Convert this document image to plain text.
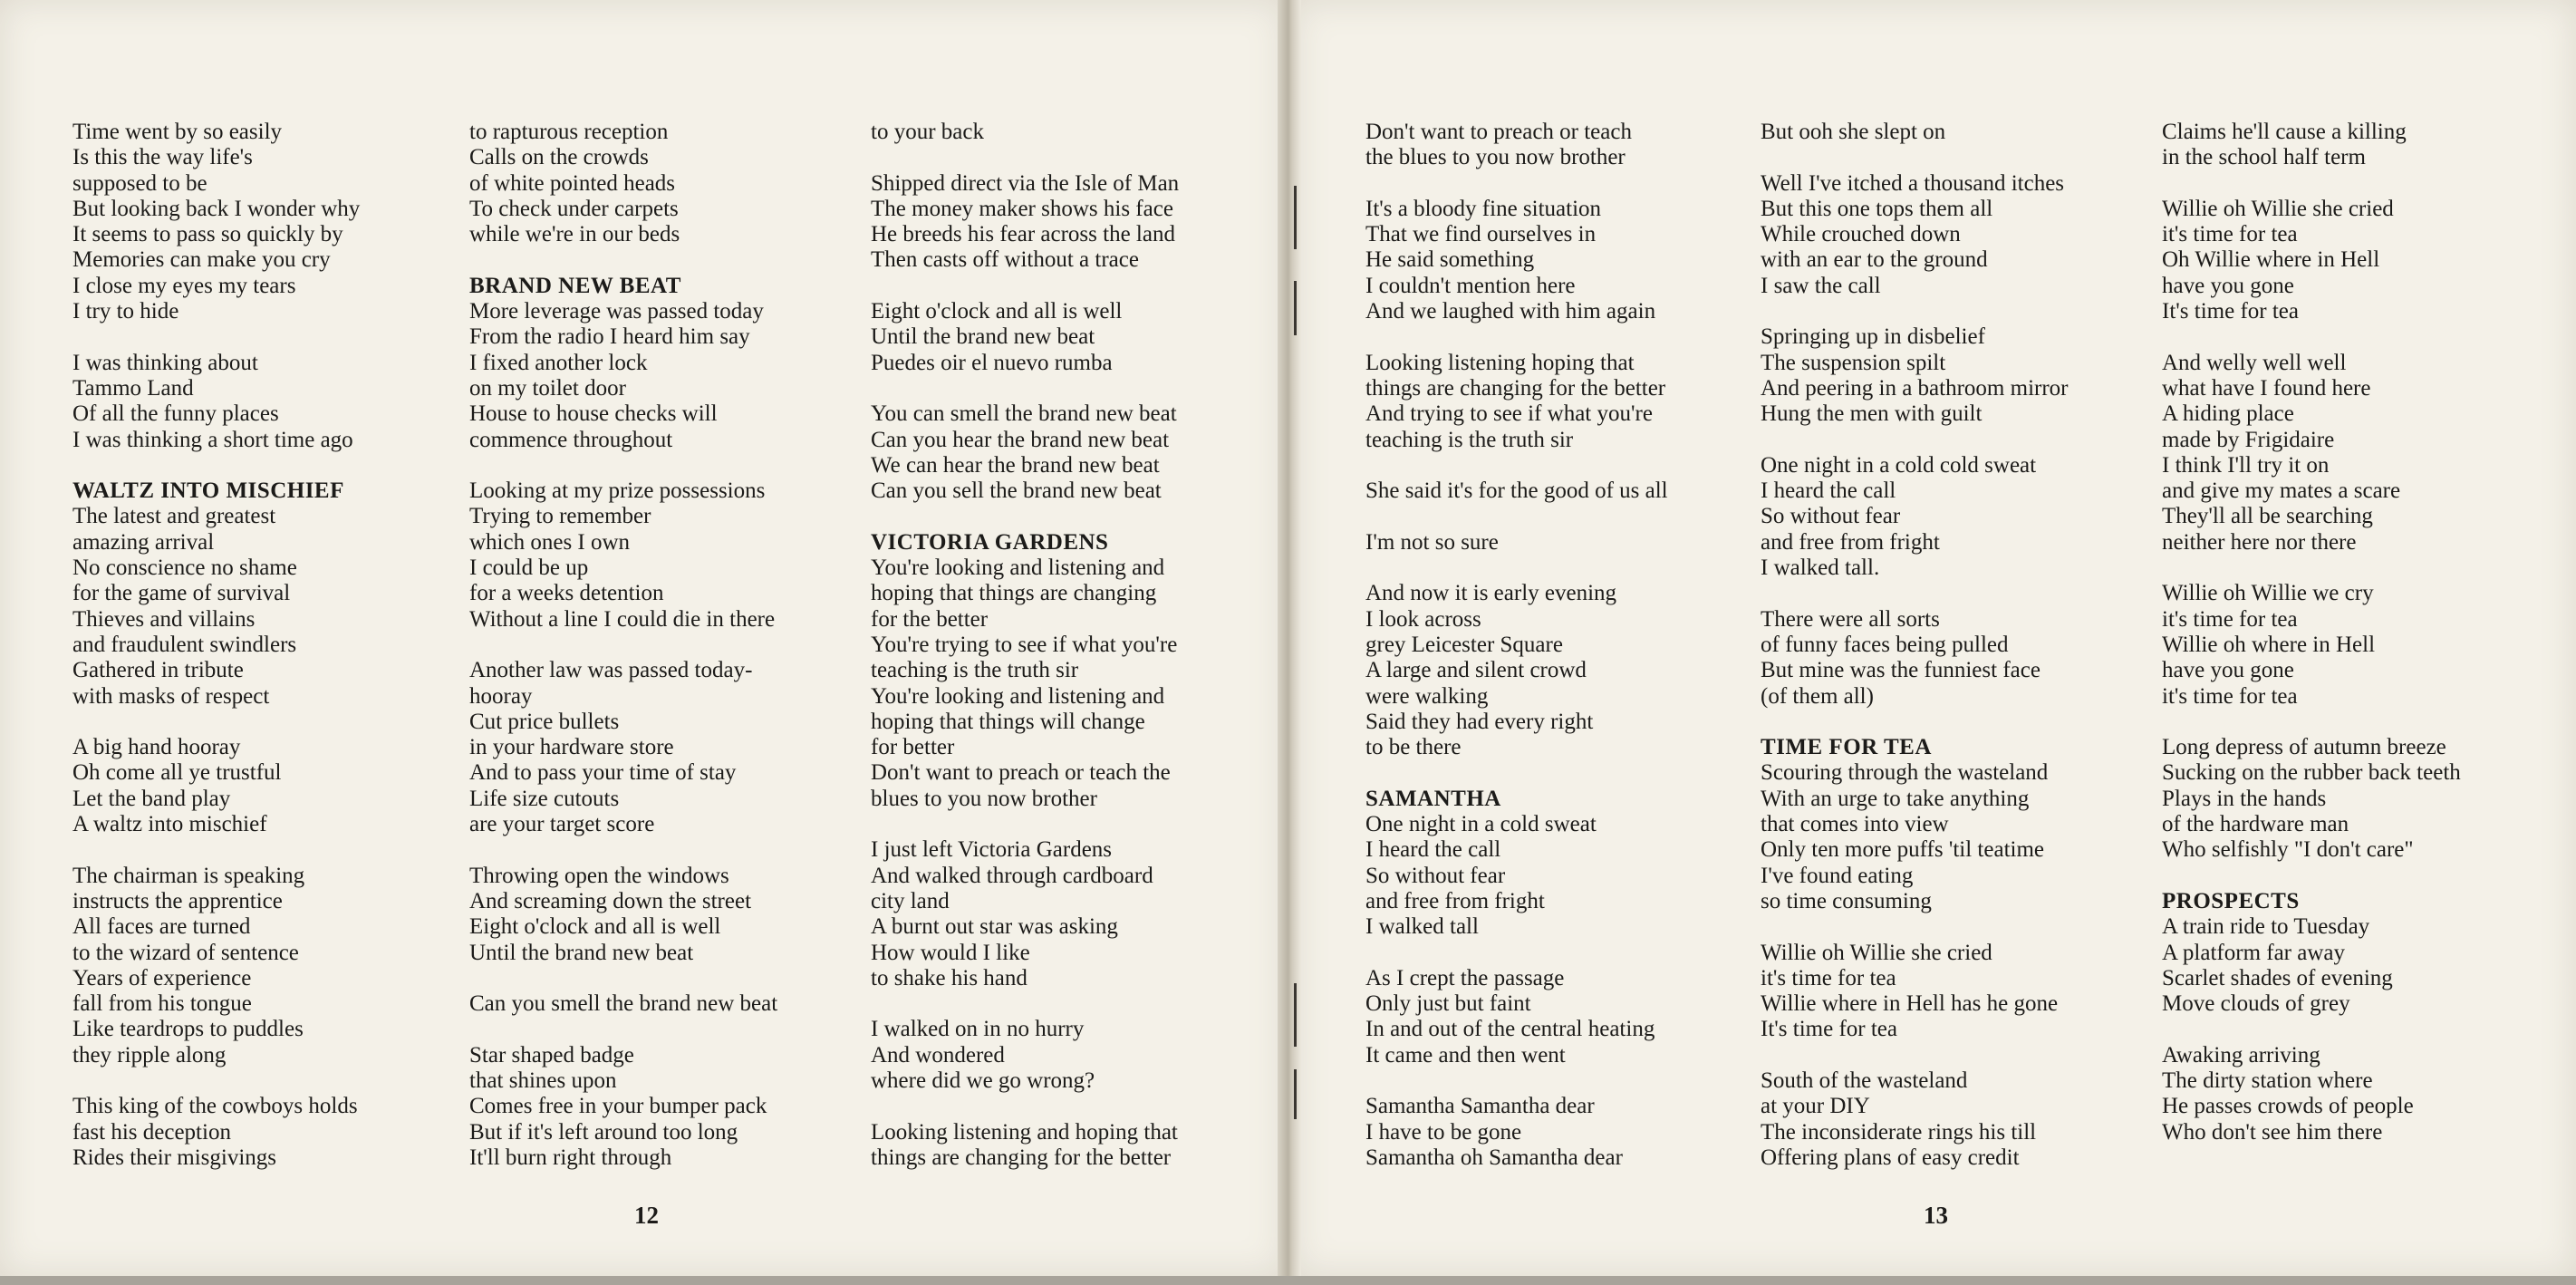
Time went by so easily
Is this the way life's
supposed to be
But looking back I wonder why
It seems to pass so quickly by
Memories can make you cry
I close my eyes my tears
I try to hide
I was thinking about
Tammo Land
Of all the funny places
I was thinking a short time ago
WALTZ INTO MISCHIEF
The latest and greatest
amazing arrival
No conscience no shame
for the game of survival
Thieves and villains
and fraudulent swindlers
Gathered in tribute
with masks of respect
A big hand hooray
Oh come all ye trustful
Let the band play
A waltz into mischief
The chairman is speaking
instructs the apprentice
All faces are turned
to the wizard of sentence
Years of experience
fall from his tongue
Like teardrops to puddles
they ripple along
This king of the cowboys holds
fast his deception
Rides their misgivings
to rapturous reception
Calls on the crowds
of white pointed heads
To check under carpets
while we're in our beds
BRAND NEW BEAT
More leverage was passed today
From the radio I heard him say
I fixed another lock
on my toilet door
House to house checks will
commence throughout
Looking at my prize possessions
Trying to remember
which ones I own
I could be up
for a weeks detention
Without a line I could die in there
Another law was passed today-
hooray
Cut price bullets
in your hardware store
And to pass your time of stay
Life size cutouts
are your target score
Throwing open the windows
And screaming down the street
Eight o'clock and all is well
Until the brand new beat
Can you smell the brand new beat
Star shaped badge
that shines upon
Comes free in your bumper pack
But if it's left around too long
It'll burn right through
to your back
Shipped direct via the Isle of Man
The money maker shows his face
He breeds his fear across the land
Then casts off without a trace
Eight o'clock and all is well
Until the brand new beat
Puedes oir el nuevo rumba
You can smell the brand new beat
Can you hear the brand new beat
We can hear the brand new beat
Can you sell the brand new beat
VICTORIA GARDENS
You're looking and listening and
hoping that things are changing
for the better
You're trying to see if what you're
teaching is the truth sir
You're looking and listening and
hoping that things will change
for better
Don't want to preach or teach the
blues to you now brother
I just left Victoria Gardens
And walked through cardboard
city land
A burnt out star was asking
How would I like
to shake his hand
I walked on in no hurry
And wondered
where did we go wrong?
Looking listening and hoping that
things are changing for the better
12
Don't want to preach or teach
the blues to you now brother
It's a bloody fine situation
That we find ourselves in
He said something
I couldn't mention here
And we laughed with him again
Looking listening hoping that
things are changing for the better
And trying to see if what you're
teaching is the truth sir
She said it's for the good of us all
I'm not so sure
And now it is early evening
I look across
grey Leicester Square
A large and silent crowd
were walking
Said they had every right
to be there
SAMANTHA
One night in a cold sweat
I heard the call
So without fear
and free from fright
I walked tall
As I crept the passage
Only just but faint
In and out of the central heating
It came and then went
Samantha Samantha dear
I have to be gone
Samantha oh Samantha dear
But ooh she slept on
Well I've itched a thousand itches
But this one tops them all
While crouched down
with an ear to the ground
I saw the call
Springing up in disbelief
The suspension spilt
And peering in a bathroom mirror
Hung the men with guilt
One night in a cold cold sweat
I heard the call
So without fear
and free from fright
I walked tall.
There were all sorts
of funny faces being pulled
But mine was the funniest face
(of them all)
TIME FOR TEA
Scouring through the wasteland
With an urge to take anything
that comes into view
Only ten more puffs 'til teatime
I've found eating
so time consuming
Willie oh Willie she cried
it's time for tea
Willie where in Hell has he gone
It's time for tea
South of the wasteland
at your DIY
The inconsiderate rings his till
Offering plans of easy credit
Claims he'll cause a killing
in the school half term
Willie oh Willie she cried
it's time for tea
Oh Willie where in Hell
have you gone
It's time for tea
And welly well well
what have I found here
A hiding place
made by Frigidaire
I think I'll try it on
and give my mates a scare
They'll all be searching
neither here nor there
Willie oh Willie we cry
it's time for tea
Willie oh where in Hell
have you gone
it's time for tea
Long depress of autumn breeze
Sucking on the rubber back teeth
Plays in the hands
of the hardware man
Who selfishly "I don't care"
PROSPECTS
A train ride to Tuesday
A platform far away
Scarlet shades of evening
Move clouds of grey
Awaking arriving
The dirty station where
He passes crowds of people
Who don't see him there
13
